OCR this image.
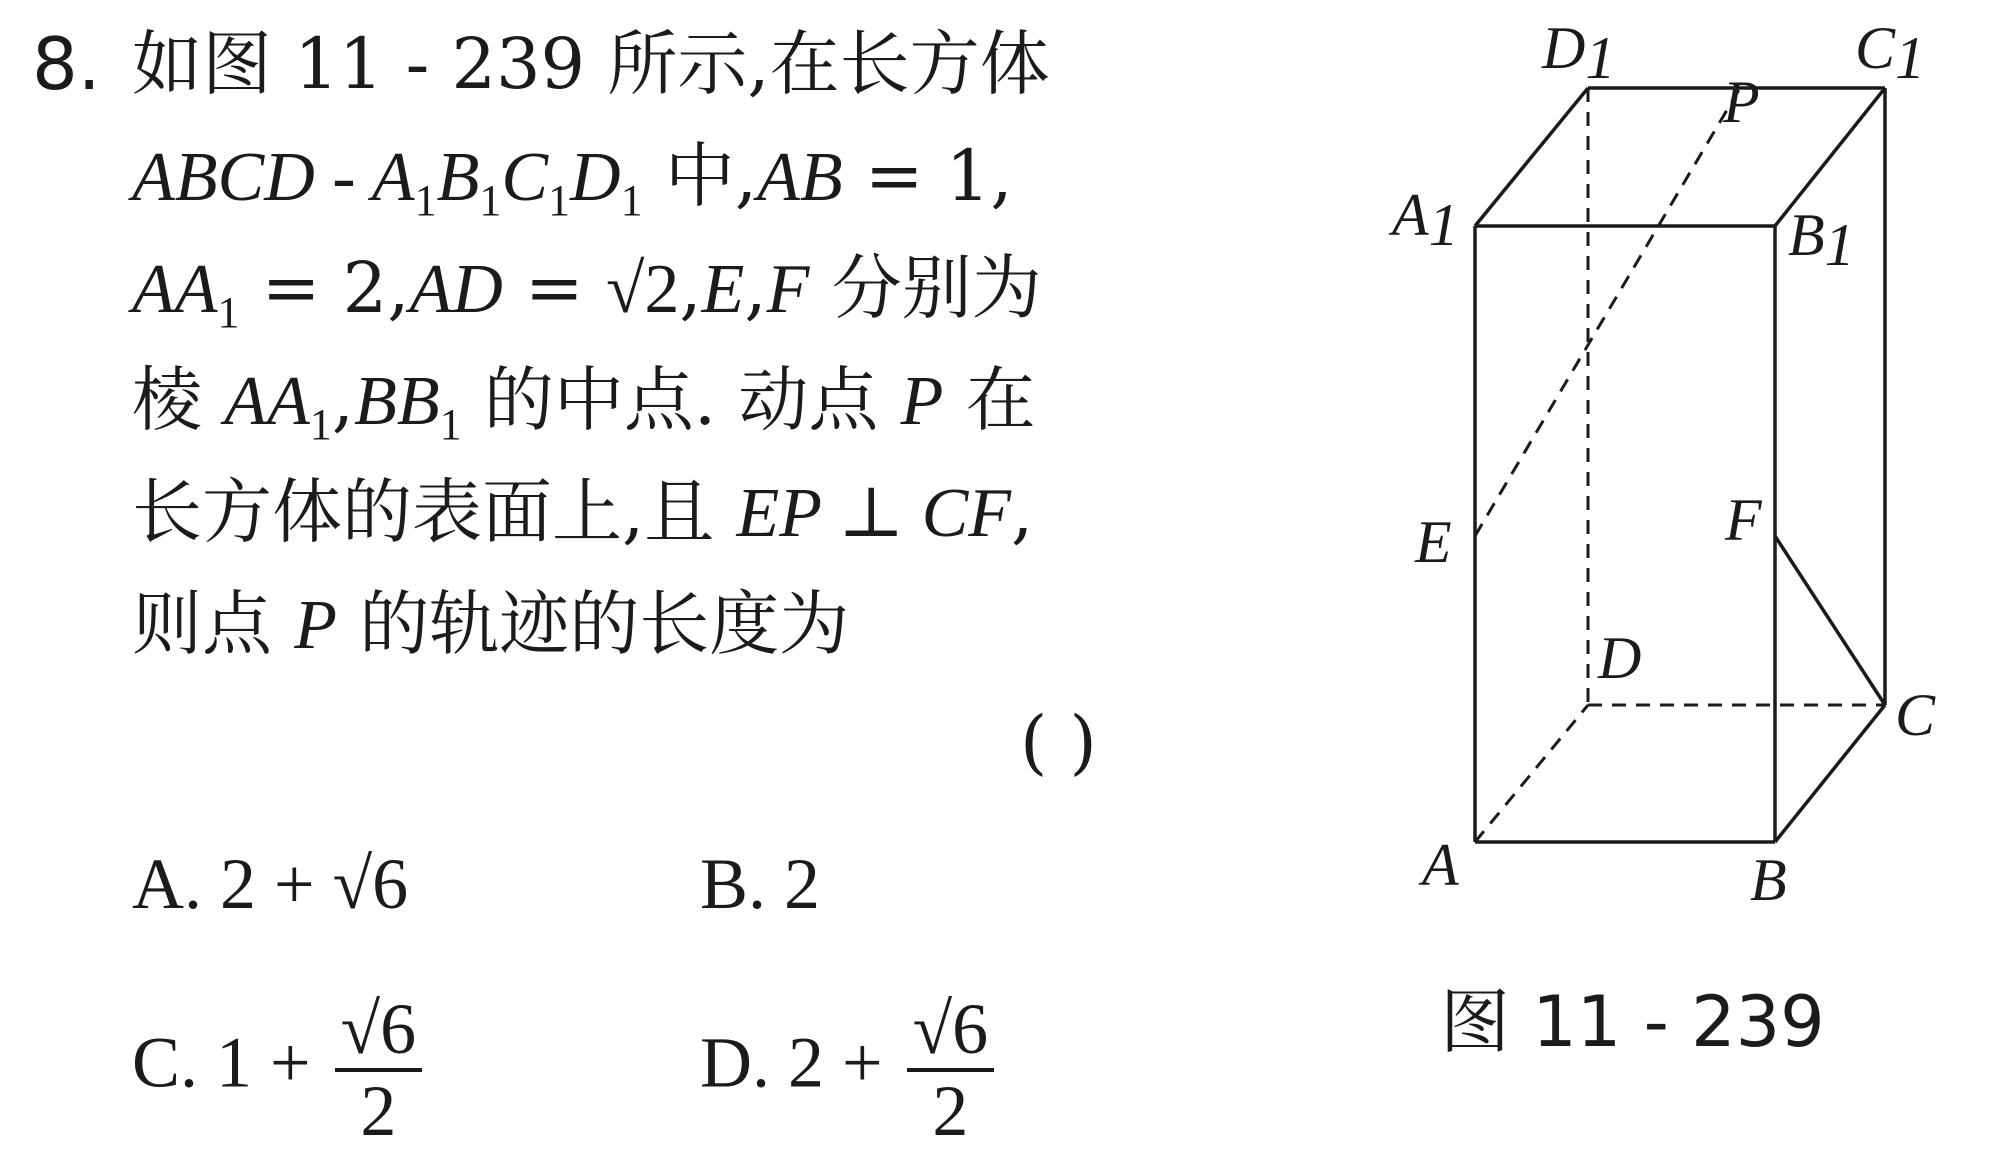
8. 如图 11 - 239 所示,在长方体
ABCD - $A_1B_1C_1D_1$ 中,AB = 1,
$AA_1 = 2,AD = √2,E,F$ 分别为
棱 $AA_1,BB_1$ 的中点. 动点 P 在
长方体的表面上,且 EP ⊥ CF,
则点 P 的轨迹的长度为
( )
A. 2 + √6	B. 2
C. $1 + \frac{√6}{2}$	D. $2 + \frac{√6}{2}$
D1	C1
P
A1	B1
E	F
D
C
A	B
图 11 - 239
